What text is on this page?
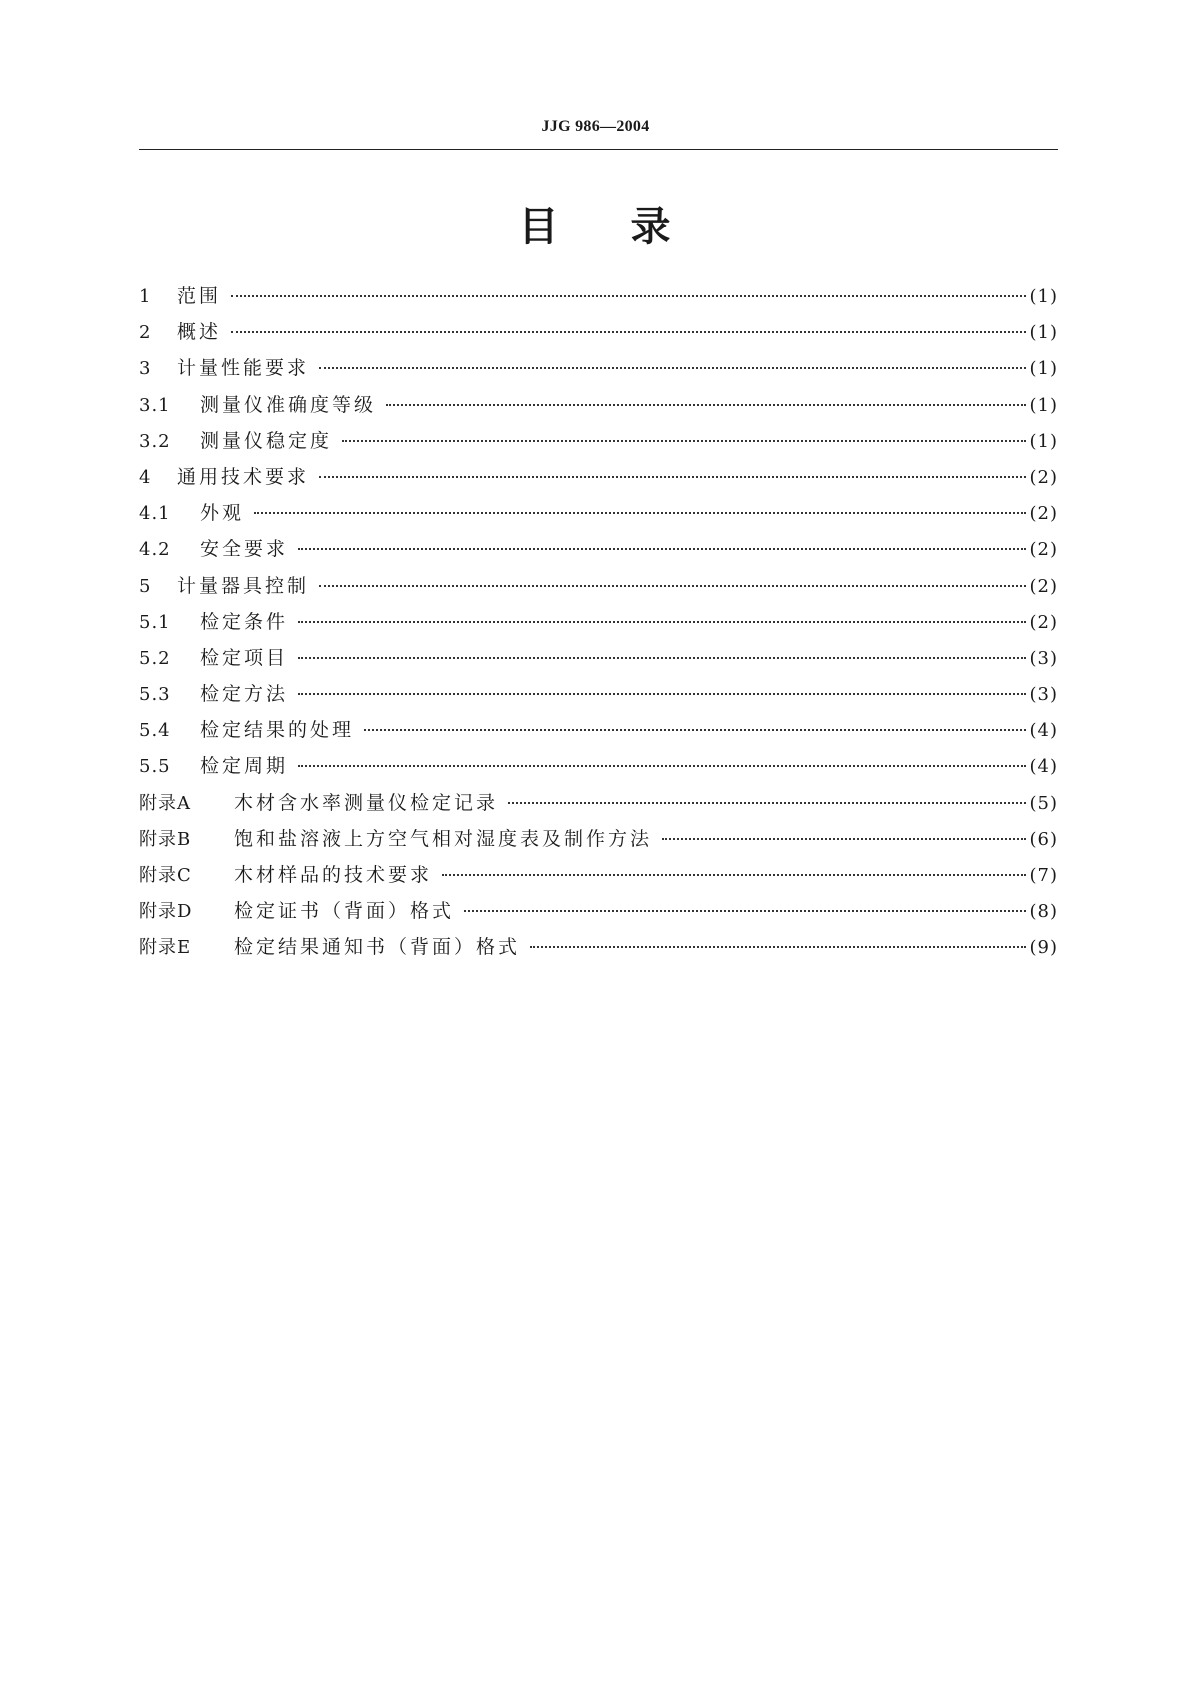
JJG 986—2004
目 录
1	范围	(1)
2	概述	(1)
3	计量性能要求	(1)
3.1	测量仪准确度等级	(1)
3.2	测量仪稳定度	(1)
4	通用技术要求	(2)
4.1	外观	(2)
4.2	安全要求	(2)
5	计量器具控制	(2)
5.1	检定条件	(2)
5.2	检定项目	(3)
5.3	检定方法	(3)
5.4	检定结果的处理	(4)
5.5	检定周期	(4)
附录A	木材含水率测量仪检定记录	(5)
附录B	饱和盐溶液上方空气相对湿度表及制作方法	(6)
附录C	木材样品的技术要求	(7)
附录D	检定证书（背面）格式	(8)
附录E	检定结果通知书（背面）格式	(9)
